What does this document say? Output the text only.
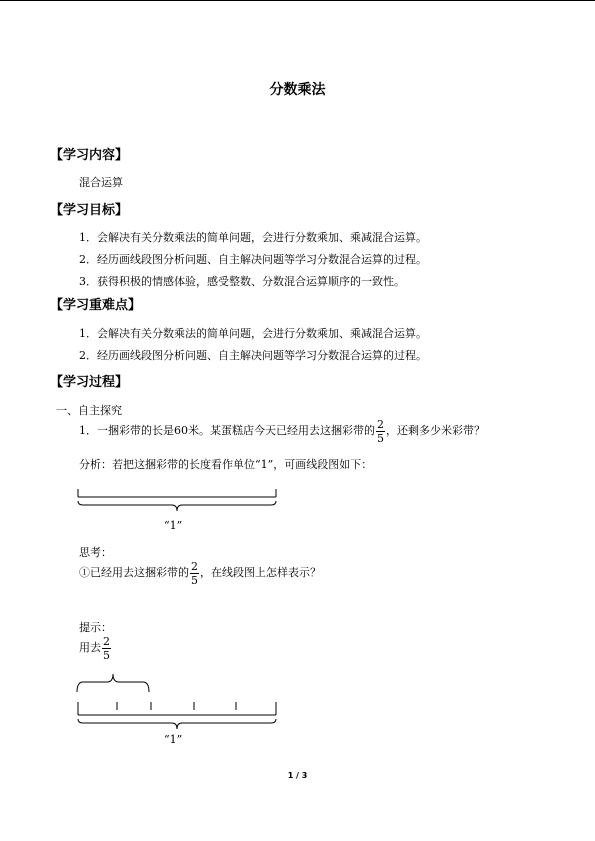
分数乘法
【学习内容】
混合运算
【学习目标】
1．会解决有关分数乘法的简单问题，会进行分数乘加、乘减混合运算。
2．经历画线段图分析问题、自主解决问题等学习分数混合运算的过程。
3．获得积极的情感体验，感受整数、分数混合运算顺序的一致性。
【学习重难点】
1．会解决有关分数乘法的简单问题，会进行分数乘加、乘减混合运算。
2．经历画线段图分析问题、自主解决问题等学习分数混合运算的过程。
【学习过程】
一、自主探究
1．一捆彩带的长是60米。某蛋糕店今天已经用去这捆彩带的 $\frac{2}{5}$ ，还剩多少米彩带？
分析：若把这捆彩带的长度看作单位“1”，可画线段图如下：
“1”
思考：
①已经用去这捆彩带的 $\frac{2}{5}$ ，在线段图上怎样表示？
提示：
用去 $\frac{2}{5}$
“1”
1 / 3
